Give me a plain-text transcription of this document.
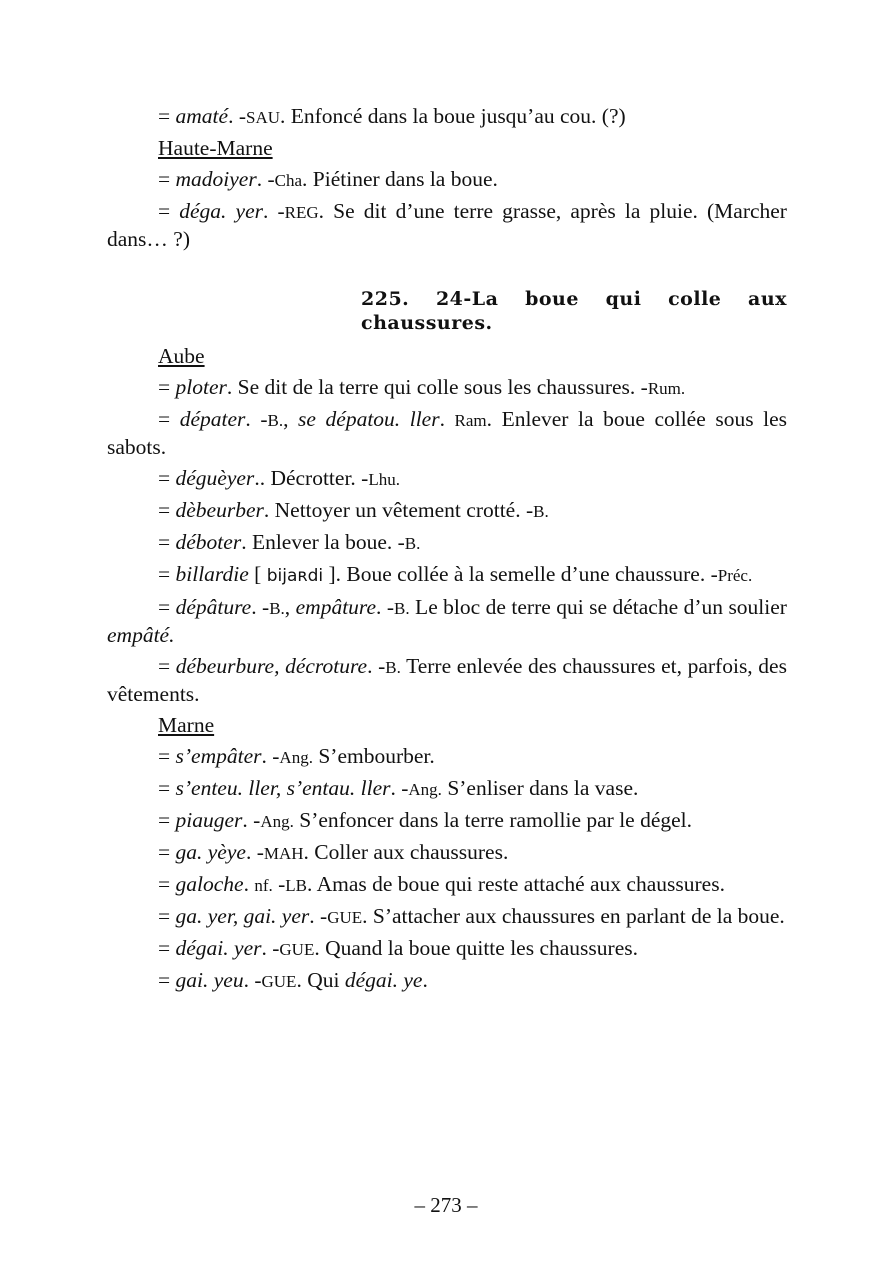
= amaté. -SAU. Enfoncé dans la boue jusqu’au cou. (?)

Haute-Marne

= madoiyer. -Cha. Piétiner dans la boue.

= déga. yer. -REG. Se dit d’une terre grasse, après la pluie. (Marcher dans… ?)

225. 24-La boue qui colle aux chaussures.

Aube

= ploter. Se dit de la terre qui colle sous les chaussures. -Rum.

= dépater. -B., se dépatou. ller. Ram. Enlever la boue collée sous les sabots.

= déguèyer.. Décrotter. -Lhu.

= dèbeurber. Nettoyer un vêtement crotté. -B.

= déboter. Enlever la boue. -B.

= billardie [ bijaʀdi ]. Boue collée à la semelle d’une chaussure. -Préc.

= dépâture. -B., empâture. -B. Le bloc de terre qui se détache d’un soulier empâté.

= débeurbure, décroture. -B. Terre enlevée des chaussures et, parfois, des vêtements.

Marne

= s’empâter. -Ang. S’embourber.

= s’enteu. ller, s’entau. ller. -Ang. S’enliser dans la vase.

= piauger. -Ang. S’enfoncer dans la terre ramollie par le dégel.

= ga. yèye. -MAH. Coller aux chaussures.

= galoche. nf. -LB. Amas de boue qui reste attaché aux chaussures.

= ga. yer, gai. yer. -GUE. S’attacher aux chaussures en parlant de la boue.

= dégai. yer. -GUE. Quand la boue quitte les chaussures.

= gai. yeu. -GUE. Qui dégai. ye.

– 273 –
